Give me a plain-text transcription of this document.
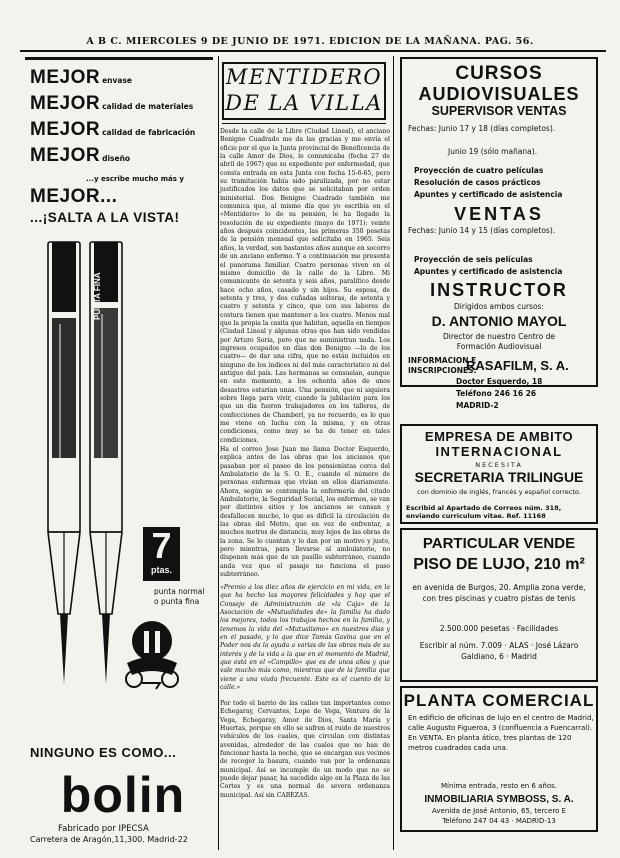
A B C. MIERCOLES 9 DE JUNIO DE 1971. EDICION DE LA MAÑANA. PAG. 56.
MEJOR envase
MEJOR calidad de materiales
MEJOR calidad de fabricación
MEJOR diseño
...y escribe mucho más y
MEJOR...
...¡SALTA A LA VISTA!
PUNTA FINA
7
ptas.
punta normal
o punta fina
NINGUNO ES COMO...
bolin
Fabricado por IPECSA
Carretera de Aragón,11,300. Madrid-22
MENTIDERO
DE LA VILLA
Desde la calle de la Libre (Ciudad Lineal), el anciano Benigno Cuadrado me da las gracias y me envía el oficio por el que la Junta provincial de Beneficencia de la calle Amor de Dios, le comunicaba (fecha 27 de abril de 1967) que su expediente por enfermedad, que consta entrada en esta Junta con fecha 15-6-65, pero su tramitación había sido paralizada, por no estar justificados los datos que se solicitaban por orden ministerial. Don Benigno Cuadrado también me comunica que, al mismo día que yo escribía en el «Mentidero» lo de su pensión, le ha llegado la resolución de su expediente (mayo de 1971): veinte años después coincidentes, las primeras 350 pesetas de la pensión mensual que solicitaba en 1965. Seis años, la verdad, son bastantes años aunque en socorro de un anciano enfermo. Y a continuación me presenta el panorama familiar. Cuatro personas viven en el mismo domicilio de la calle de la Libre. Mi comunicante de setenta y seis años, paralítico desde hace ocho años, casado y sin hijos. Su esposa, de setenta y tres, y dos cuñadas solteras, de setenta y cuatro y setenta y cinco, que con sus labores de costura tienen que mantener a los cuatro. Menos mal que la propia la casita que habitan, aquella en tiempos (Ciudad Lineal y algunas otras que han sido vendidas por Arturo Soria, pero que no suministran nada. Los ingresos ocupados en días don Benigno —lo de los cuatro— de dar una cifra, que no están incluidos en ninguno de los índices ni del más característico ni del antiguo del país. Las hermanas se consuelan, aunque en este momento, a los ochenta años de unos desastres estarían unas. Una pensión, que ni siquiera sobre llega para vivir, cuando la jubilación para los que un día fueron trabajadores en los talleres, de confecciones de Chamberí, ya no recuerdo, es lo que me viene en lucha con la misma, y en otras condiciones, como muy se ha de tener en tales condiciones.
Ha el correo Jose Juan me llama Doctor Esquerdo, explica antes de las obras que los ancianos que pasaban por el paseo de los pensionistas cerca del Ambulatorio de la S. O. E., cuando el número de personas enfermas que vivían en ellos diariamente. Ahora, según se contempla la enfermería del citado Ambulatorio, la Seguridad Social, los enfermos, se van por distintos sitios y los ancianos se cansan y desfallecen mucho, lo que es difícil la circulación de las obras del Metro, que en vez de enfrentar, a muchos metros de distancia, muy lejos de las obras de la zona. Se lo cuentan y lo dan por un motivo y justo, pero mientras, para llevarse al ambulatorio, no disponen más que de un pasillo subterráneo, cuando anda vez que el pasaje no funciona el paso subterráneo.
«Premio a los diez años de ejercicio en mi vida, en la que ha hecho las mayores felicidades y hay que el Consejo de Administración de «la Caja» de la Asociación de «Mutualidades de» la familia ha dado los mejores, todos los trabajos hechos en la familia, y tenemos la vida del «Mutualismo» en nuestros días y en el pasado, y lo que dice Tomás Gavina que en el Poder nos da la ayuda a varias de las obras más de su interés y de la vida a la que en el momento de Madrid, que está en el «Campillo» que es de unos años y que vale mucho más como, mientras que de la familia que viene a una viuda frecuente. Este es el cuento de la calle.»
Por todo el barrio de las calles tan importantes como Echegaray, Cervantes, Lope de Vega, Ventura de la Vega, Echegaray, Amor de Dios, Santa María y Huertas, porque en ello se sufren el ruido de nuestros vehículos de los cuales, que circulan con distintas avenidas, alrededor de las cuales que no han de funcionar hasta la noche, que se encargan sus vecinos de recoger la basura, cuando van por la ordenanza municipal. Así se incumple de un modo que no se puede dejar pasar, ha sucedido algo en la Plaza de las Cortes y es una normal de severa ordenanza municipal. Así sin CABEZAS.
CURSOS
AUDIOVISUALES
SUPERVISOR VENTAS
Fechas: Junio 17 y 18 (días completos).
Junio 19 (sólo mañana).
Proyección de cuatro películas
Resolución de casos prácticos
Apuntes y certificado de asistencia
VENTAS
Fechas: Junio 14 y 15 (días completos).
Proyección de seis películas
Apuntes y certificado de asistencia
INSTRUCTOR
Dirigidos ambos cursos:
D. ANTONIO MAYOL
Director de nuestro Centro de
Formación Audiovisual
INFORMACION E
INSCRIPCIONES:
RASAFILM, S. A.
Doctor Esquerdo, 18
Teléfono 246 16 26
MADRID-2
EMPRESA DE AMBITO
INTERNACIONAL
NECESITA
SECRETARIA TRILINGUE
con dominio de inglés, francés y español correcto.
Escribid al Apartado de Correos núm. 318, enviando curriculum vitae. Ref. 11168
PARTICULAR VENDE
PISO DE LUJO, 210 m²
en avenida de Burgos, 20. Amplia zona verde, con tres piscinas y cuatro pistas de tenis
2.500.000 pesetas · Facilidades
Escribir al núm. 7.009 · ALAS · José Lázaro Galdiano, 6 · Madrid
PLANTA COMERCIAL
En edificio de oficinas de lujo en el centro de Madrid, calle Augusto Figueroa, 3 (confluencia a Fuencarral). En VENTA. En planta ático, tres plantas de 120 metros cuadrados cada una.
Mínima entrada, resto en 6 años.
INMOBILIARIA SYMBOSS, S. A.
Avenida de José Antonio, 65, tercero E
Teléfono 247 04 43 · MADRID-13
